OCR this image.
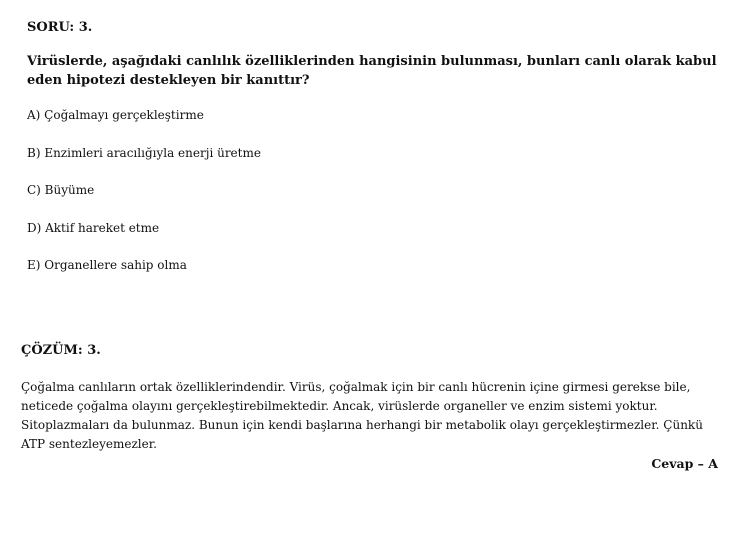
SORU: 3.

Virüslerde, aşağıdaki canlılık özelliklerinden hangisinin bulunması, bunları canlı olarak kabul eden hipotezi destekleyen bir kanıttır?

A) Çoğalmayı gerçekleştirme
B) Enzimleri aracılığıyla enerji üretme
C) Büyüme
D) Aktif hareket etme
E) Organellere sahip olma

ÇÖZÜM: 3.

Çoğalma canlıların ortak özelliklerindendir. Virüs, çoğalmak için bir canlı hücrenin içine girmesi gerekse bile, neticede çoğalma olayını gerçekleştirebilmektedir. Ancak, virüslerde organeller ve enzim sistemi yoktur. Sitoplazmaları da bulunmaz. Bunun için kendi başlarına herhangi bir metabolik olayı gerçekleştirmezler. Çünkü ATP sentezleyemezler.

Cevap – A
